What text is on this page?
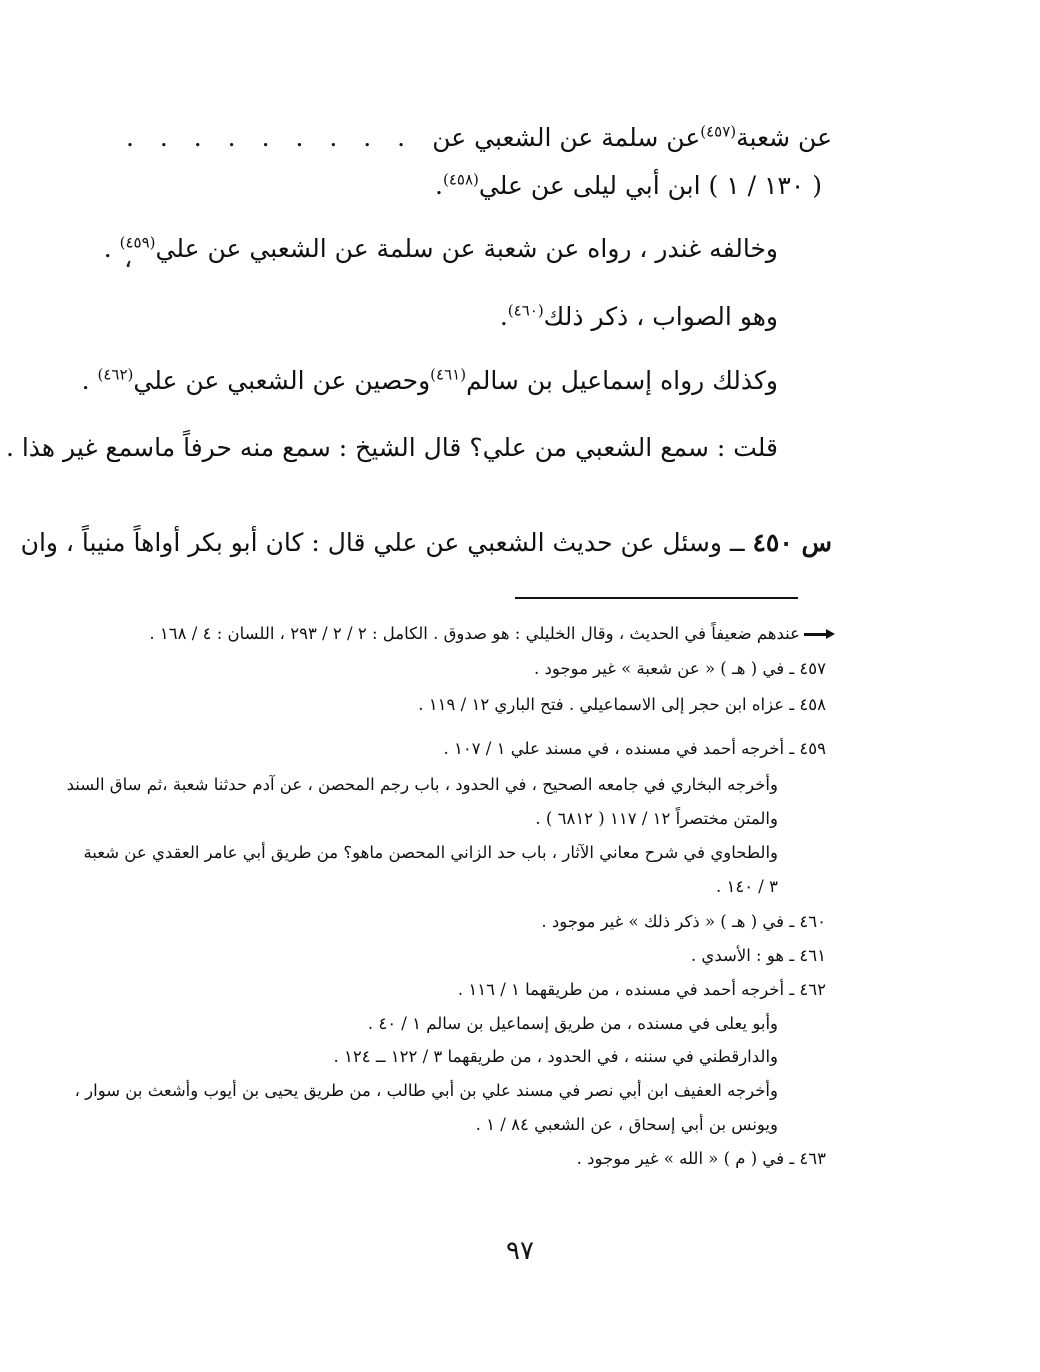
عن شعبة$^{(٤٥٧)}$عن سلمة عن الشعبي عن
. . . . . . . . .
( ١٣٠ / ١ ) ابن أبي ليلى عن علي$^{(٤٥٨)}$.
وخالفه غندر ، رواه عن شعبة عن سلمة عن الشعبي عن علي$^{(٤٥٩)}$ . ،
وهو الصواب ، ذكر ذلك$^{(٤٦٠)}$.
وكذلك رواه إسماعيل بن سالم$^{(٤٦١)}$وحصين عن الشعبي عن علي$^{(٤٦٢)}$ .
قلت : سمع الشعبي من علي؟ قال الشيخ : سمع منه حرفاً ماسمع غير هذا .
س ٤٥٠ ــ وسئل عن حديث الشعبي عن علي قال : كان أبو بكر أواهاً منيباً ، وان
عندهم ضعيفاً في الحديث ، وقال الخليلي : هو صدوق . الكامل : ٢ / ٢ / ٢٩٣ ، اللسان : ٤ / ١٦٨ .
٤٥٧ ـ في ( هـ ) « عن شعبة » غير موجود .
٤٥٨ ـ عزاه ابن حجر إلى الاسماعيلي . فتح الباري ١٢ / ١١٩ .
٤٥٩ ـ أخرجه أحمد في مسنده ، في مسند علي ١ / ١٠٧ .
وأخرجه البخاري في جامعه الصحيح ، في الحدود ، باب رجم المحصن ، عن آدم حدثنا شعبة ،ثم ساق السند
والمتن مختصراً ١٢ / ١١٧ ( ٦٨١٢ ) .
والطحاوي في شرح معاني الآثار ، باب حد الزاني المحصن ماهو؟ من طريق أبي عامر العقدي عن شعبة
٣ / ١٤٠ .
٤٦٠ ـ في ( هـ ) « ذكر ذلك » غير موجود .
٤٦١ ـ هو : الأسدي .
٤٦٢ ـ أخرجه أحمد في مسنده ، من طريقهما ١ / ١١٦ .
وأبو يعلى في مسنده ، من طريق إسماعيل بن سالم ١ / ٤٠ .
والدارقطني في سننه ، في الحدود ، من طريقهما ٣ / ١٢٢ ــ ١٢٤ .
وأخرجه العفيف ابن أبي نصر في مسند علي بن أبي طالب ، من طريق يحيى بن أيوب وأشعث بن سوار ،
ويونس بن أبي إسحاق ، عن الشعبي ٨٤ / ١ .
٤٦٣ ـ في ( م ) « الله » غير موجود .
٩٧
